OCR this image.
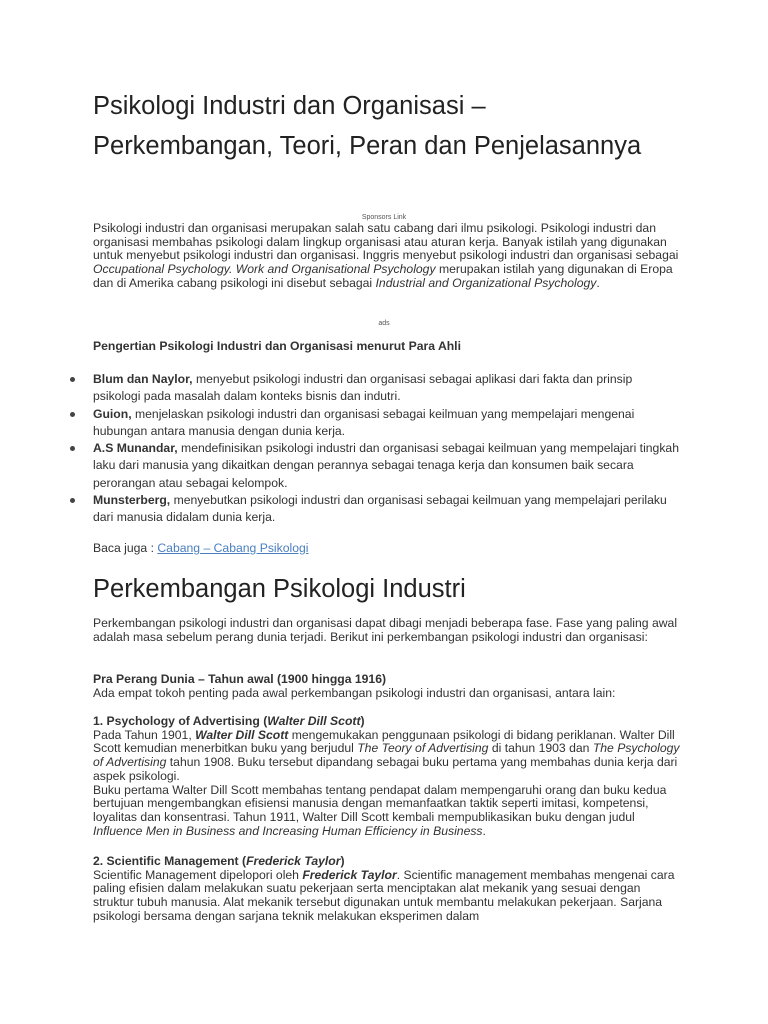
Psikologi Industri dan Organisasi – Perkembangan, Teori, Peran dan Penjelasannya
Sponsors Link

Psikologi industri dan organisasi merupakan salah satu cabang dari ilmu psikologi. Psikologi industri dan organisasi membahas psikologi dalam lingkup organisasi atau aturan kerja. Banyak istilah yang digunakan untuk menyebut psikologi industri dan organisasi. Inggris menyebut psikologi industri dan organisasi sebagai Occupational Psychology. Work and Organisational Psychology merupakan istilah yang digunakan di Eropa dan di Amerika cabang psikologi ini disebut sebagai Industrial and Organizational Psychology.

ads

Pengertian Psikologi Industri dan Organisasi menurut Para Ahli

Blum dan Naylor, menyebut psikologi industri dan organisasi sebagai aplikasi dari fakta dan prinsip psikologi pada masalah dalam konteks bisnis dan indutri.
Guion, menjelaskan psikologi industri dan organisasi sebagai keilmuan yang mempelajari mengenai hubungan antara manusia dengan dunia kerja.
A.S Munandar, mendefinisikan psikologi industri dan organisasi sebagai keilmuan yang mempelajari tingkah laku dari manusia yang dikaitkan dengan perannya sebagai tenaga kerja dan konsumen baik secara perorangan atau sebagai kelompok.
Munsterberg, menyebutkan psikologi industri dan organisasi sebagai keilmuan yang mempelajari perilaku dari manusia didalam dunia kerja.

Baca juga : Cabang – Cabang Psikologi

Perkembangan Psikologi Industri

Perkembangan psikologi industri dan organisasi dapat dibagi menjadi beberapa fase. Fase yang paling awal adalah masa sebelum perang dunia terjadi. Berikut ini perkembangan psikologi industri dan organisasi:

Pra Perang Dunia – Tahun awal (1900 hingga 1916)
Ada empat tokoh penting pada awal perkembangan psikologi industri dan organisasi, antara lain:

1. Psychology of Advertising (Walter Dill Scott)
Pada Tahun 1901, Walter Dill Scott mengemukakan penggunaan psikologi di bidang periklanan. Walter Dill Scott kemudian menerbitkan buku yang berjudul The Teory of Advertising di tahun 1903 dan The Psychology of Advertising tahun 1908. Buku tersebut dipandang sebagai buku pertama yang membahas dunia kerja dari aspek psikologi.
Buku pertama Walter Dill Scott membahas tentang pendapat dalam mempengaruhi orang dan buku kedua bertujuan mengembangkan efisiensi manusia dengan memanfaatkan taktik seperti imitasi, kompetensi, loyalitas dan konsentrasi. Tahun 1911, Walter Dill Scott kembali mempublikasikan buku dengan judul Influence Men in Business and Increasing Human Efficiency in Business.

2. Scientific Management (Frederick Taylor)
Scientific Management dipelopori oleh Frederick Taylor. Scientific management membahas mengenai cara paling efisien dalam melakukan suatu pekerjaan serta menciptakan alat mekanik yang sesuai dengan struktur tubuh manusia. Alat mekanik tersebut digunakan untuk membantu melakukan pekerjaan. Sarjana psikologi bersama dengan sarjana teknik melakukan eksperimen dalam
